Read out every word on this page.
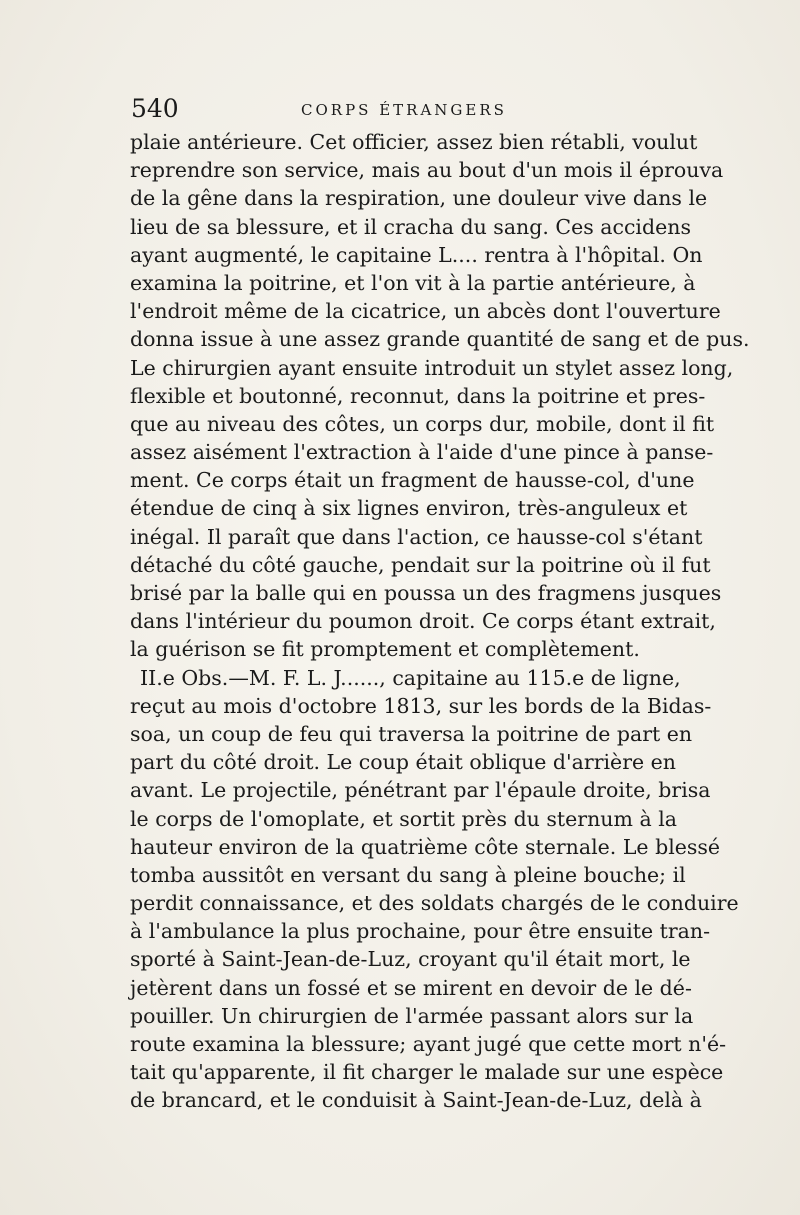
540	CORPS ÉTRANGERS
plaie antérieure. Cet officier, assez bien rétabli, voulut
reprendre son service, mais au bout d'un mois il éprouva
de la gêne dans la respiration, une douleur vive dans le
lieu de sa blessure, et il cracha du sang. Ces accidens
ayant augmenté, le capitaine L.... rentra à l'hôpital. On
examina la poitrine, et l'on vit à la partie antérieure, à
l'endroit même de la cicatrice, un abcès dont l'ouverture
donna issue à une assez grande quantité de sang et de pus.
Le chirurgien ayant ensuite introduit un stylet assez long,
flexible et boutonné, reconnut, dans la poitrine et pres-
que au niveau des côtes, un corps dur, mobile, dont il fit
assez aisément l'extraction à l'aide d'une pince à panse-
ment. Ce corps était un fragment de hausse-col, d'une
étendue de cinq à six lignes environ, très-anguleux et
inégal. Il paraît que dans l'action, ce hausse-col s'étant
détaché du côté gauche, pendait sur la poitrine où il fut
brisé par la balle qui en poussa un des fragmens jusques
dans l'intérieur du poumon droit. Ce corps étant extrait,
la guérison se fit promptement et complètement.
II.e Obs.—M. F. L. J......, capitaine au 115.e de ligne,
reçut au mois d'octobre 1813, sur les bords de la Bidas-
soa, un coup de feu qui traversa la poitrine de part en
part du côté droit. Le coup était oblique d'arrière en
avant. Le projectile, pénétrant par l'épaule droite, brisa
le corps de l'omoplate, et sortit près du sternum à la
hauteur environ de la quatrième côte sternale. Le blessé
tomba aussitôt en versant du sang à pleine bouche; il
perdit connaissance, et des soldats chargés de le conduire
à l'ambulance la plus prochaine, pour être ensuite tran-
sporté à Saint-Jean-de-Luz, croyant qu'il était mort, le
jetèrent dans un fossé et se mirent en devoir de le dé-
pouiller. Un chirurgien de l'armée passant alors sur la
route examina la blessure; ayant jugé que cette mort n'é-
tait qu'apparente, il fit charger le malade sur une espèce
de brancard, et le conduisit à Saint-Jean-de-Luz, delà à
